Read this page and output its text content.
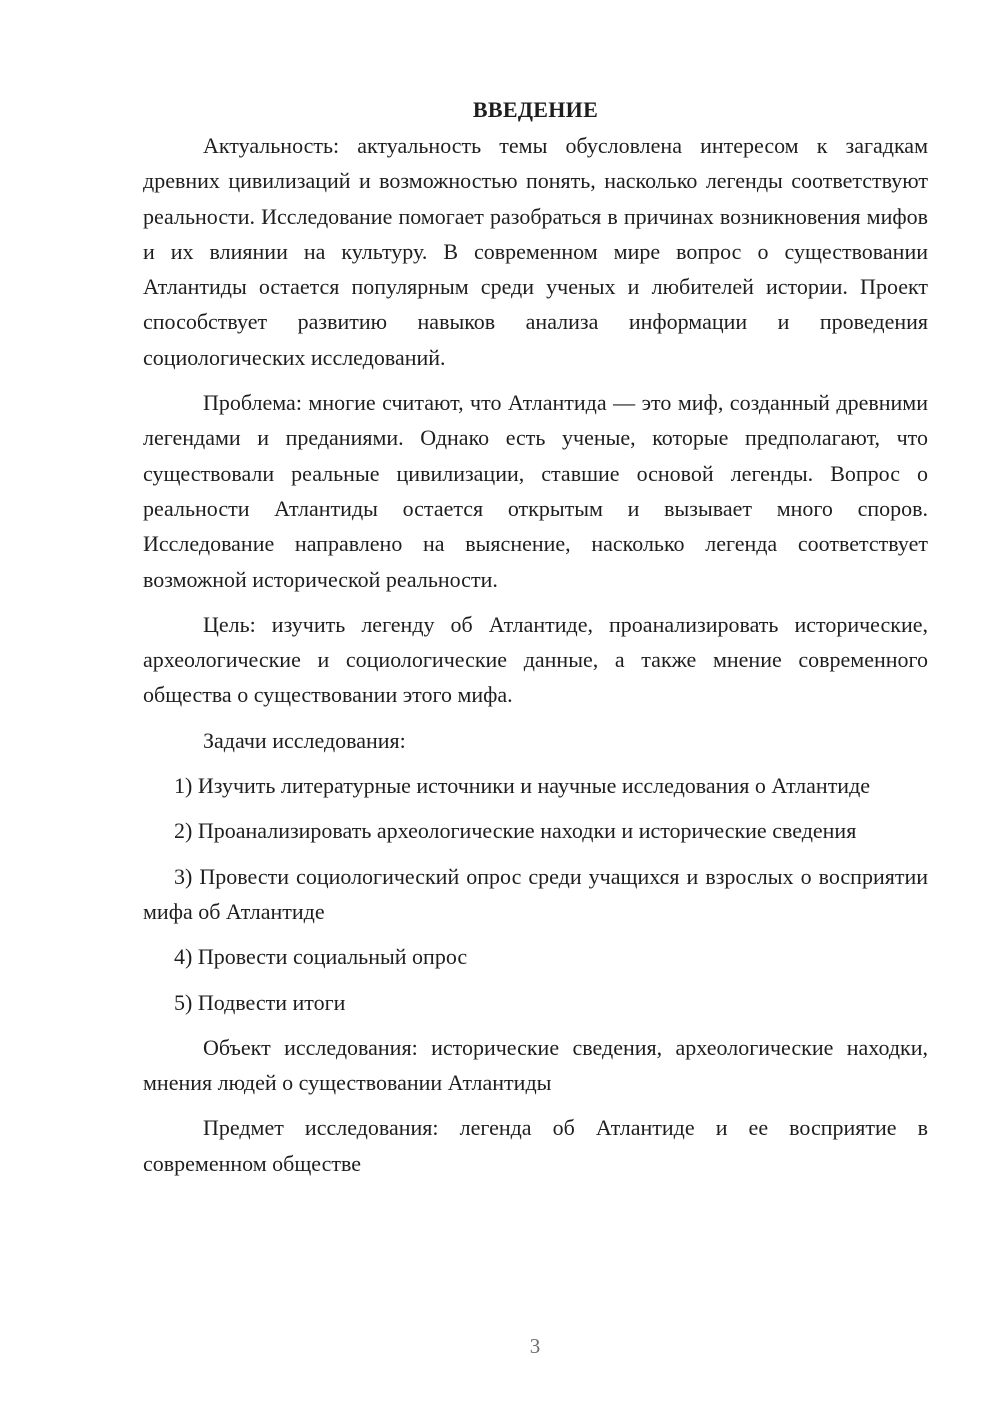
ВВЕДЕНИЕ

Актуальность: актуальность темы обусловлена интересом к загадкам древних цивилизаций и возможностью понять, насколько легенды соответствуют реальности. Исследование помогает разобраться в причинах возникновения мифов и их влиянии на культуру. В современном мире вопрос о существовании Атлантиды остается популярным среди ученых и любителей истории. Проект способствует развитию навыков анализа информации и проведения социологических исследований.

Проблема: многие считают, что Атлантида — это миф, созданный древними легендами и преданиями. Однако есть ученые, которые предполагают, что существовали реальные цивилизации, ставшие основой легенды. Вопрос о реальности Атлантиды остается открытым и вызывает много споров. Исследование направлено на выяснение, насколько легенда соответствует возможной исторической реальности.

Цель: изучить легенду об Атлантиде, проанализировать исторические, археологические и социологические данные, а также мнение современного общества о существовании этого мифа.

Задачи исследования:

1) Изучить литературные источники и научные исследования о Атлантиде

2) Проанализировать археологические находки и исторические сведения

3) Провести социологический опрос среди учащихся и взрослых о восприятии мифа об Атлантиде

4) Провести социальный опрос

5) Подвести итоги

Объект исследования: исторические сведения, археологические находки, мнения людей о существовании Атлантиды

Предмет исследования: легенда об Атлантиде и ее восприятие в современном обществе

3
